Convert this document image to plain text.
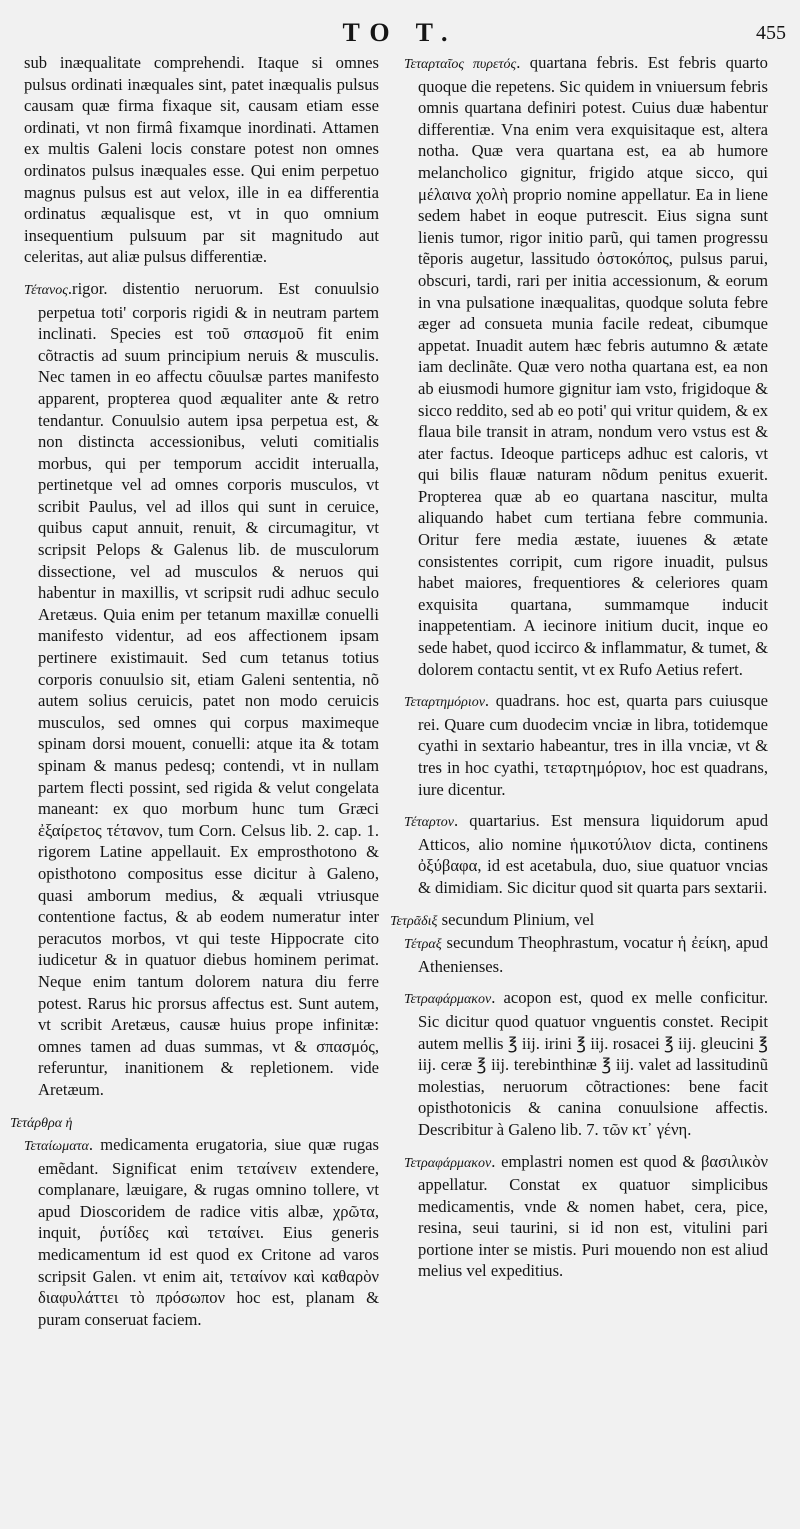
TO T.	455

sub inæqualitate comprehendi. Itaque si omnes pulsus ordinati inæquales sint, patet inæqualis pulsus causam quæ firma fixaque sit, causam etiam esse ordinati, vt non firmâ fixamque inordinati. Attamen ex multis Galeni locis constare potest non omnes ordinatos pulsus inæquales esse. Qui enim perpetuo magnus pulsus est aut velox, ille in ea differentia ordinatus æqualisque est, vt in quo omnium insequentium pulsuum par sit magnitudo aut celeritas, aut aliæ pulsus differentiæ.

Τέτανος.rigor. distentio neruorum. Est conuulsio perpetua toti' corporis rigidi & in neutram partem inclinati. Species est τοῦ σπασμοῦ fit enim cõtractis ad suum principium neruis & musculis. Nec tamen in eo affectu cõuulsæ partes manifesto apparent, propterea quod æqualiter ante & retro tendantur. Conuulsio autem ipsa perpetua est, & non distincta accessionibus, veluti comitialis morbus, qui per temporum accidit interualla, pertinetque vel ad omnes corporis musculos, vt scribit Paulus, vel ad illos qui sunt in ceruice, quibus caput annuit, renuit, & circumagitur, vt scripsit Pelops & Galenus lib. de musculorum dissectione, vel ad musculos & neruos qui habentur in maxillis, vt scripsit rudi adhuc seculo Aretæus. Quia enim per tetanum maxillæ conuelli manifesto videntur, ad eos affectionem ipsam pertinere existimauit. Sed cum tetanus totius corporis conuulsio sit, etiam Galeni sententia, nõ autem solius ceruicis, patet non modo ceruicis musculos, sed omnes qui corpus maximeque spinam dorsi mouent, conuelli: atque ita & totam spinam & manus pedesq; contendi, vt in nullam partem flecti possint, sed rigida & velut congelata maneant: ex quo morbum hunc tum Græci ἐξαίρετος τέτανον, tum Corn. Celsus lib. 2. cap. 1. rigorem Latine appellauit. Ex emprosthotono & opisthotono compositus esse dicitur à Galeno, quasi amborum medius, & æquali vtriusque contentione factus, & ab eodem numeratur inter peracutos morbos, vt qui teste Hippocrate cito iudicetur & in quatuor diebus hominem perimat. Neque enim tantum dolorem natura diu ferre potest. Rarus hic prorsus affectus est. Sunt autem, vt scribit Aretæus, causæ huius prope infinitæ: omnes tamen ad duas summas, vt & σπασμός, referuntur, inanitionem & repletionem. vide Aretæum.

Τετάρθρα ἡ

Τεταίωματα. medicamenta erugatoria, siue quæ rugas emẽdant. Significat enim τεταίνειν extendere, complanare, læuigare, & rugas omnino tollere, vt apud Dioscoridem de radice vitis albæ, χρῶτα, inquit, ῥυτίδες καὶ τεταίνει. Eius generis medicamentum id est quod ex Critone ad varos scripsit Galen. vt enim ait, τεταίνον καὶ καθαρὸν διαφυλάττει τὸ πρόσωπον hoc est, planam & puram conseruat faciem.

Τεταρταῖος πυρετός. quartana febris. Est febris quarto quoque die repetens. Sic quidem in vniuersum febris omnis quartana definiri potest. Cuius duæ habentur differentiæ. Vna enim vera exquisitaque est, altera notha. Quæ vera quartana est, ea ab humore melancholico gignitur, frigido atque sicco, qui μέλαινα χολὴ proprio nomine appellatur. Ea in liene sedem habet in eoque putrescit. Eius signa sunt lienis tumor, rigor initio parũ, qui tamen progressu tẽporis augetur, lassitudo ὀστοκόπος, pulsus parui, obscuri, tardi, rari per initia accessionum, & eorum in vna pulsatione inæqualitas, quodque soluta febre æger ad consueta munia facile redeat, cibumque appetat. Inuadit autem hæc febris autumno & ætate iam declinãte. Quæ vero notha quartana est, ea non ab eiusmodi humore gignitur iam vsto, frigidoque & sicco reddito, sed ab eo poti' qui vritur quidem, & ex flaua bile transit in atram, nondum vero vstus est & ater factus. Ideoque particeps adhuc est caloris, vt qui bilis flauæ naturam nõdum penitus exuerit. Propterea quæ ab eo quartana nascitur, multa aliquando habet cum tertiana febre communia. Oritur fere media æstate, iuuenes & ætate consistentes corripit, cum rigore inuadit, pulsus habet maiores, frequentiores & celeriores quam exquisita quartana, summamque inducit inappetentiam. A iecinore initium ducit, inque eo sede habet, quod iccirco & inflammatur, & tumet, & dolorem contactu sentit, vt ex Rufo Aetius refert.

Τεταρτημόριον. quadrans. hoc est, quarta pars cuiusque rei. Quare cum duodecim vnciæ in libra, totidemque cyathi in sextario habeantur, tres in illa vnciæ, vt & tres in hoc cyathi, τεταρτημόριον, hoc est quadrans, iure dicentur.

Τέταρτον. quartarius. Est mensura liquidorum apud Atticos, alio nomine ἡμικοτύλιον dicta, continens ὀξύβαφα, id est acetabula, duo, siue quatuor vncias & dimidiam. Sic dicitur quod sit quarta pars sextarii.

Τετρᾶδιξ secundum Plinium, vel

Τέτραξ secundum Theophrastum, vocatur ἡ ἐείκη, apud Athenienses.

Τετραφάρμακον. acopon est, quod ex melle conficitur. Sic dicitur quod quatuor vnguentis constet. Recipit autem mellis ℥ iij. irini ℥ iij. rosacei ℥ iij. gleucini ℥ iij. ceræ ℥ iij. terebinthinæ ℥ iij. valet ad lassitudinũ molestias, neruorum cõtractiones: bene facit opisthotonicis & canina conuulsione affectis. Describitur à Galeno lib. 7. τῶν κτ᾽ γένη.

Τετραφάρμακον. emplastri nomen est quod & βασιλικὸν appellatur. Constat ex quatuor simplicibus medicamentis, vnde & nomen habet, cera, pice, resina, seui taurini, si id non est, vitulini pari portione inter se mistis. Puri mouendo non est aliud melius vel expeditius.
